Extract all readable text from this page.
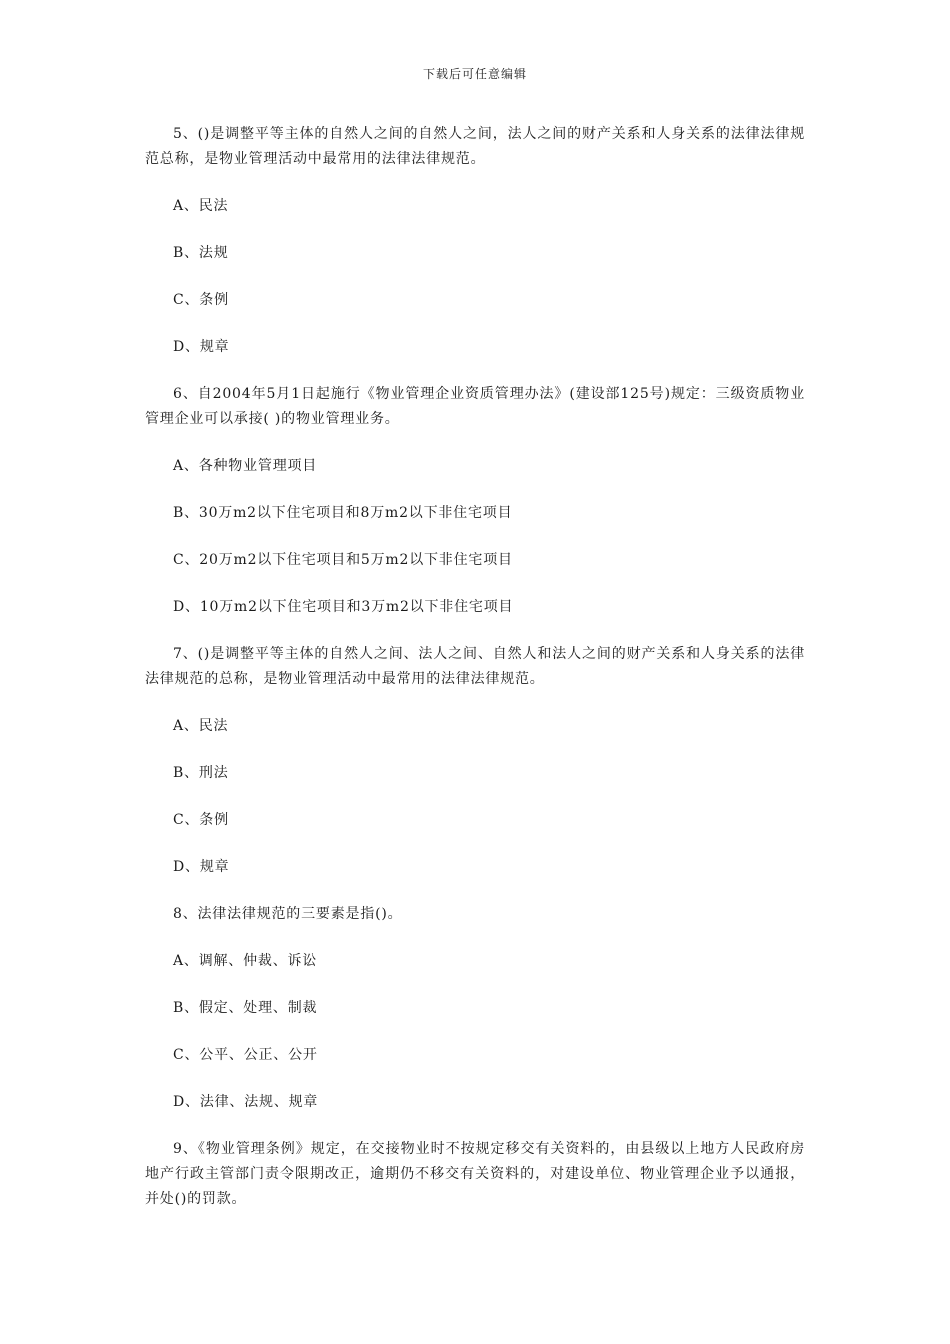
下载后可任意编辑

5、()是调整平等主体的自然人之间的自然人之间，法人之间的财产关系和人身关系的法律法律规范总称，是物业管理活动中最常用的法律法律规范。

A、民法

B、法规

C、条例

D、规章

6、自2004年5月1日起施行《物业管理企业资质管理办法》(建设部125号)规定：三级资质物业管理企业可以承接( )的物业管理业务。

A、各种物业管理项目

B、30万m2以下住宅项目和8万m2以下非住宅项目

C、20万m2以下住宅项目和5万m2以下非住宅项目

D、10万m2以下住宅项目和3万m2以下非住宅项目

7、()是调整平等主体的自然人之间、法人之间、自然人和法人之间的财产关系和人身关系的法律法律规范的总称，是物业管理活动中最常用的法律法律规范。

A、民法

B、刑法

C、条例

D、规章

8、法律法律规范的三要素是指()。

A、调解、仲裁、诉讼

B、假定、处理、制裁

C、公平、公正、公开

D、法律、法规、规章

9、《物业管理条例》规定，在交接物业时不按规定移交有关资料的，由县级以上地方人民政府房地产行政主管部门责令限期改正，逾期仍不移交有关资料的，对建设单位、物业管理企业予以通报，并处()的罚款。
